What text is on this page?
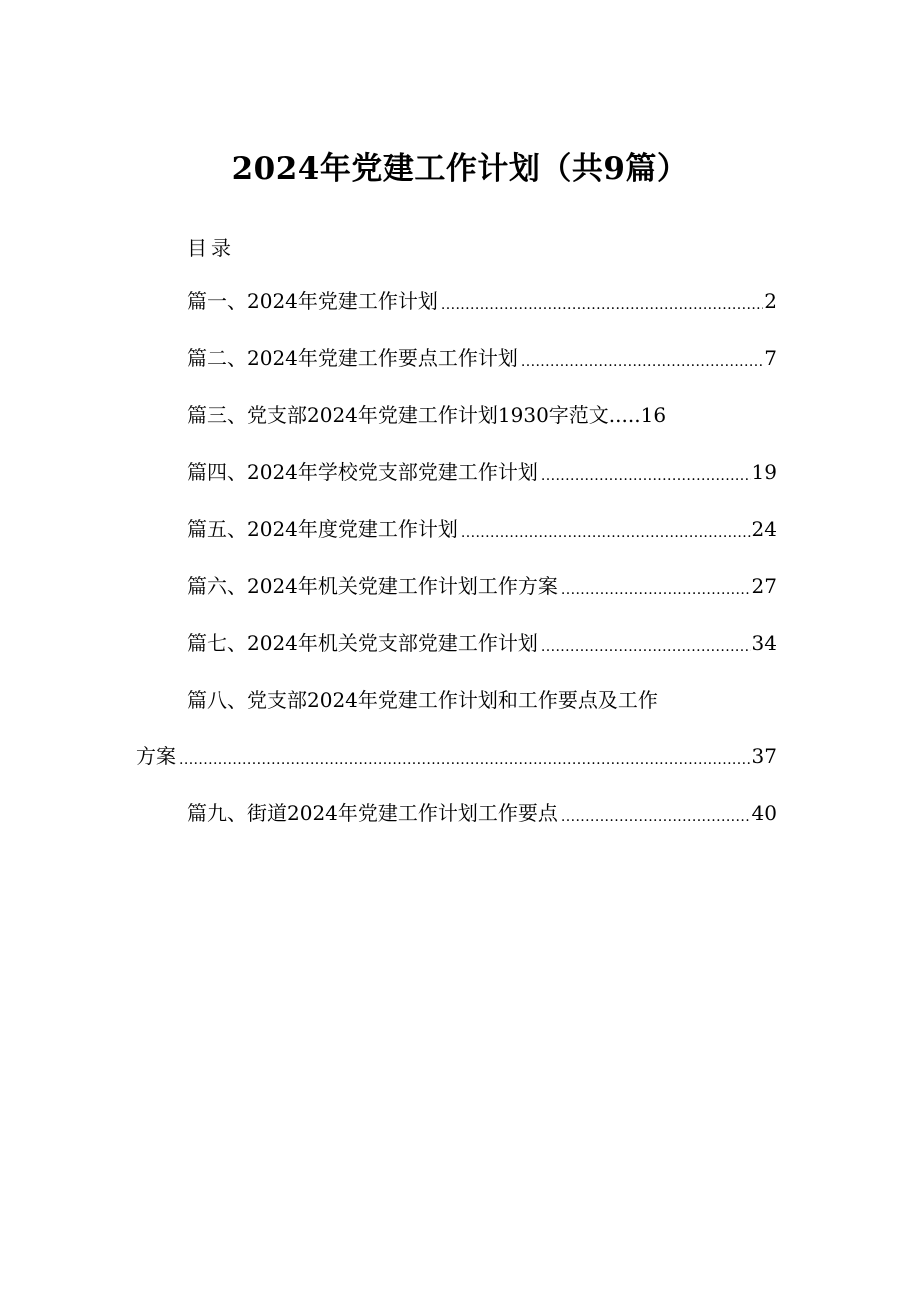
2024年党建工作计划（共9篇）
目录
篇一、2024年党建工作计划 .....	2
篇二、2024年党建工作要点工作计划 .....	7
篇三、党支部2024年党建工作计划1930字范文.....16
篇四、2024年学校党支部党建工作计划 .....	19
篇五、2024年度党建工作计划 .....	24
篇六、2024年机关党建工作计划工作方案 .....	27
篇七、2024年机关党支部党建工作计划 .....	34
篇八、党支部2024年党建工作计划和工作要点及工作
方案 .....	37
篇九、街道2024年党建工作计划工作要点 .....	40
